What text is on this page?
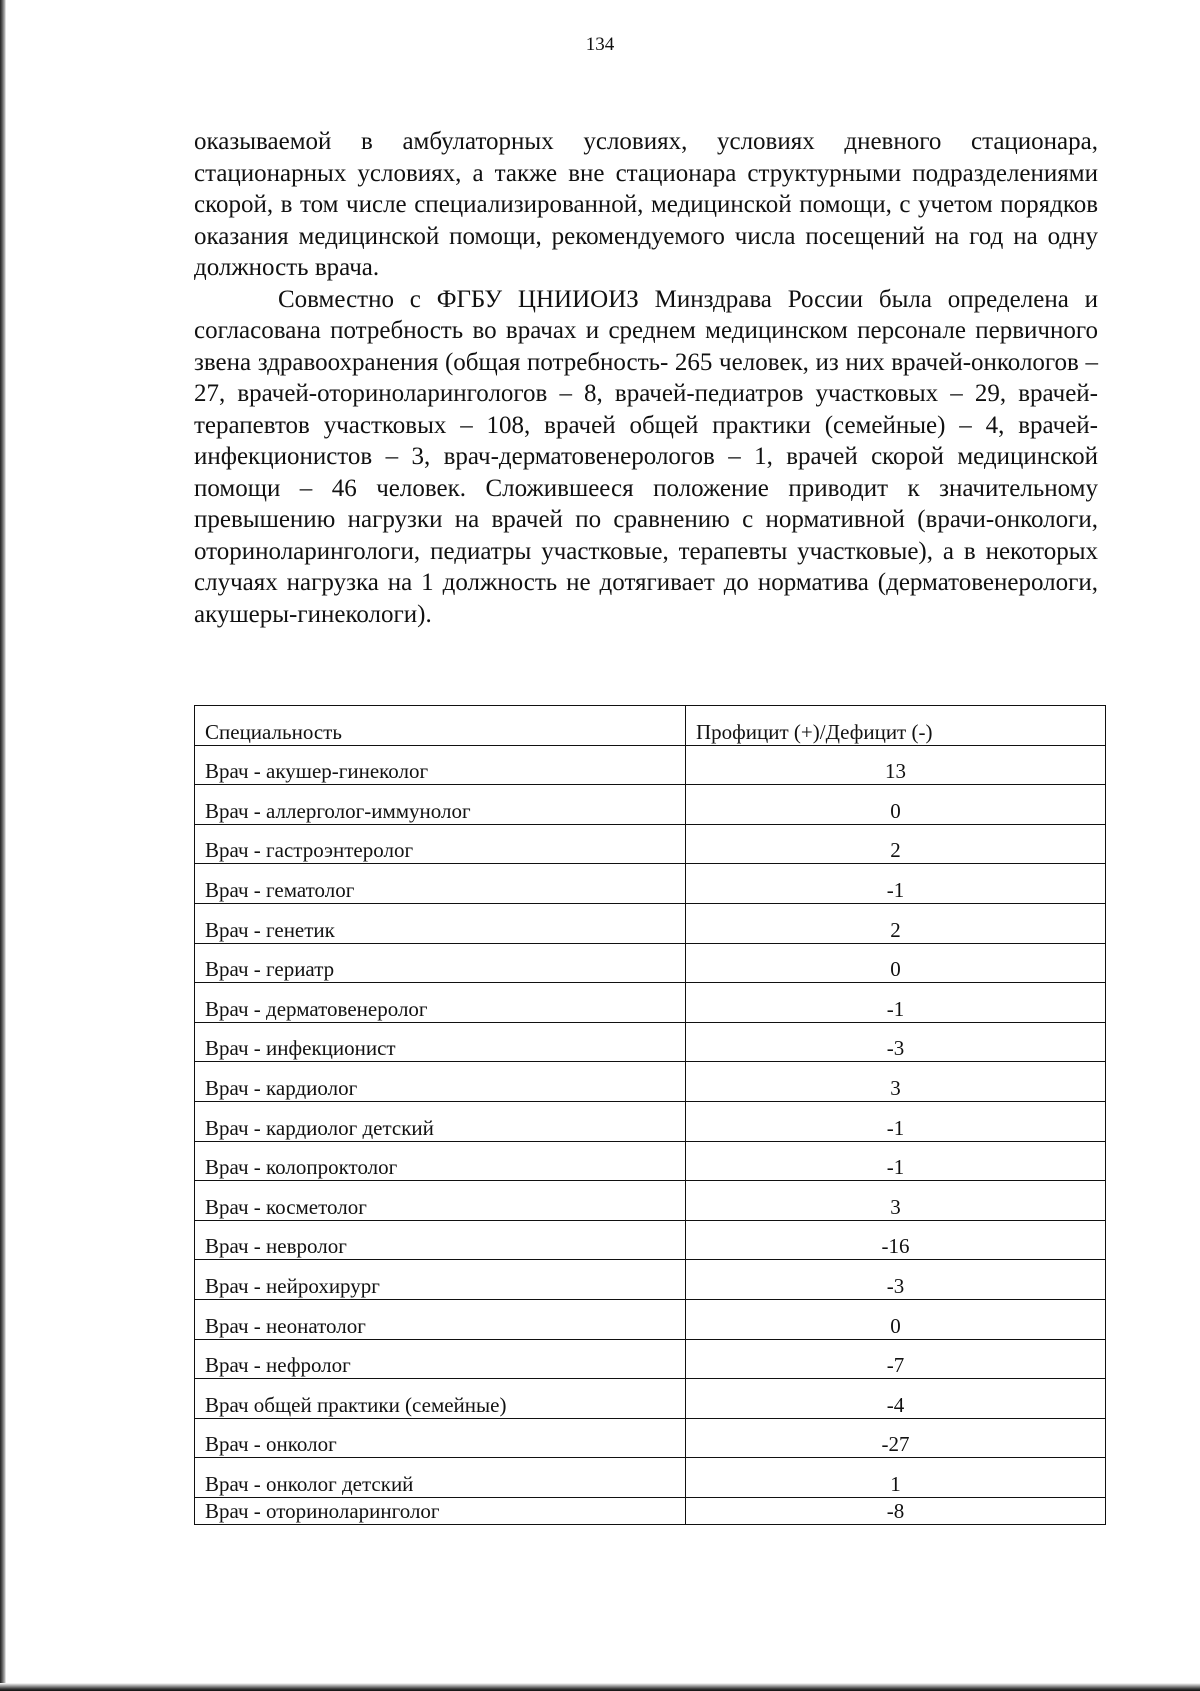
134

оказываемой в амбулаторных условиях, условиях дневного стационара, стационарных условиях, а также вне стационара структурными подразделениями скорой, в том числе специализированной, медицинской помощи, с учетом порядков оказания медицинской помощи, рекомендуемого числа посещений на год на одну должность врача.

Совместно с ФГБУ ЦНИИОИЗ Минздрава России была определена и согласована потребность во врачах и среднем медицинском персонале первичного звена здравоохранения (общая потребность- 265 человек, из них врачей-онкологов – 27, врачей-оториноларингологов – 8, врачей-педиатров участковых – 29, врачей-терапевтов участковых – 108, врачей общей практики (семейные) – 4, врачей-инфекционистов – 3, врач-дерматовенерологов – 1, врачей скорой медицинской помощи – 46 человек. Сложившееся положение приводит к значительному превышению нагрузки на врачей по сравнению с нормативной (врачи-онкологи, оториноларингологи, педиатры участковые, терапевты участковые), а в некоторых случаях нагрузка на 1 должность не дотягивает до норматива (дерматовенерологи, акушеры-гинекологи).

Специальность	Профицит (+)/Дефицит (-)
Врач - акушер-гинеколог	13
Врач - аллерголог-иммунолог	0
Врач - гастроэнтеролог	2
Врач - гематолог	-1
Врач - генетик	2
Врач - гериатр	0
Врач - дерматовенеролог	-1
Врач - инфекционист	-3
Врач - кардиолог	3
Врач - кардиолог детский	-1
Врач - колопроктолог	-1
Врач - косметолог	3
Врач - невролог	-16
Врач - нейрохирург	-3
Врач - неонатолог	0
Врач - нефролог	-7
Врач общей практики (семейные)	-4
Врач - онколог	-27
Врач - онколог детский	1
Врач - оториноларинголог	-8
